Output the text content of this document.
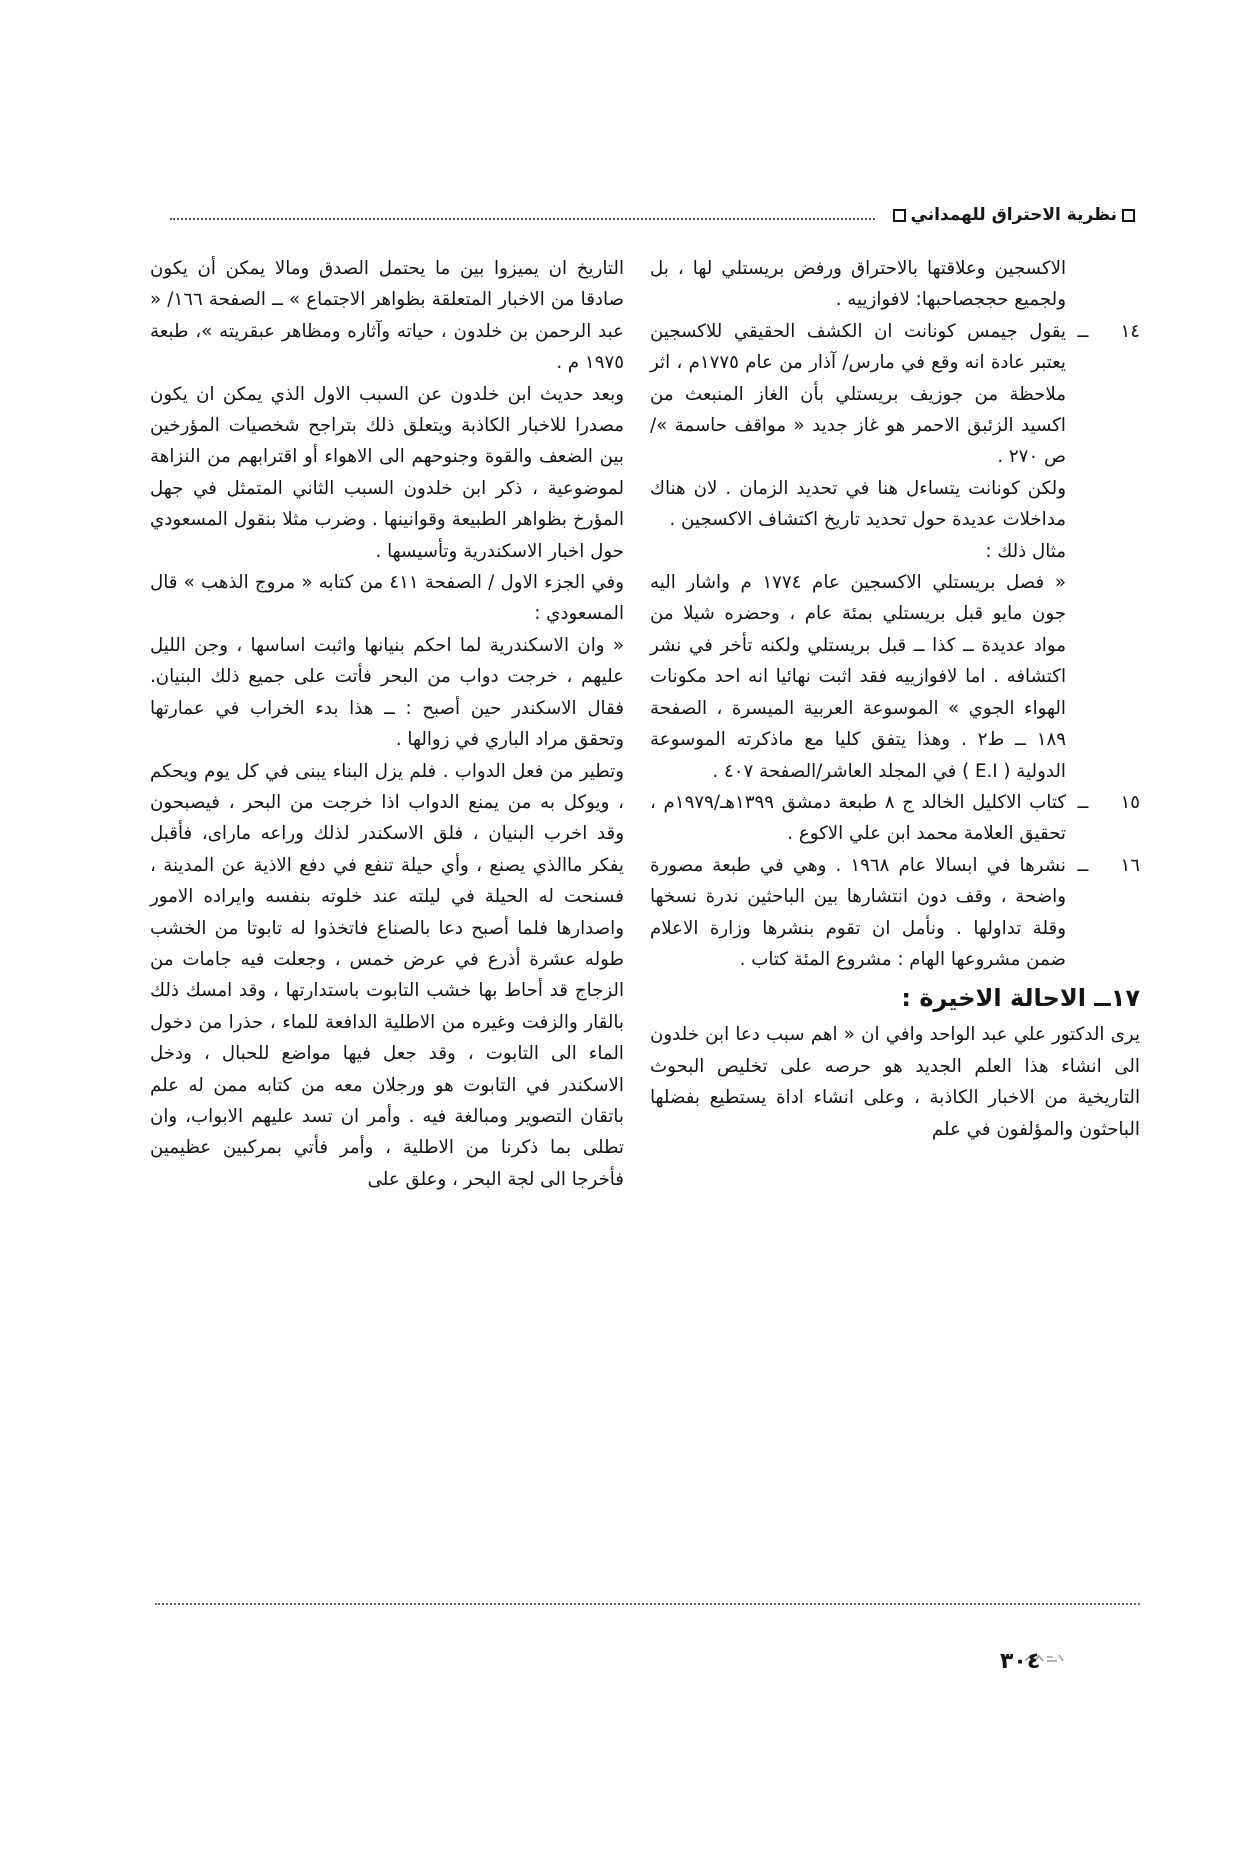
نظرية الاحتراق للهمداني

الاكسجين وعلاقتها بالاحتراق ورفض بريستلي لها ، بل ولجميع حججصاحبها: لافوازييه .

١٤
ــ

يقول جيمس كونانت ان الكشف الحقيقي للاكسجين يعتبر عادة انه وقع في مارس/ آذار من عام ١٧٧٥م ، اثر ملاحظة من جوزيف بريستلي بأن الغاز المنبعث من اكسيد الزئبق الاحمر هو غاز جديد « مواقف حاسمة »/ص ٢٧٠ .

ولكن كونانت يتساءل هنا في تحديد الزمان . لان هناك مداخلات عديدة حول تحديد تاريخ اكتشاف الاكسجين .

مثال ذلك :

« فصل بريستلي الاكسجين عام ١٧٧٤ م واشار اليه جون مايو قبل بريستلي بمئة عام ، وحضره شيلا من مواد عديدة ــ كذا ــ قبل بريستلي ولكنه تأخر في نشر اكتشافه . اما لافوازييه فقد اثبت نهائيا انه احد مكونات الهواء الجوي » الموسوعة العربية الميسرة ، الصفحة ١٨٩ ــ ط٢ . وهذا يتفق كليا مع ماذكرته الموسوعة الدولية ( E.I ) في المجلد العاشر/الصفحة ٤٠٧ .

١٥
ــ

كتاب الاكليل الخالد ج ٨ طبعة دمشق ١٣٩٩هـ/١٩٧٩م ، تحقيق العلامة محمد ابن علي الاكوع .

١٦
ــ

نشرها في ابسالا عام ١٩٦٨ . وهي في طبعة مصورة واضحة ، وقف دون انتشارها بين الباحثين ندرة نسخها وقلة تداولها . ونأمل ان تقوم بنشرها وزارة الاعلام ضمن مشروعها الهام : مشروع المئة كتاب .

١٧ــ الاحالة الاخيرة :

يرى الدكتور علي عبد الواحد وافي ان « اهم سبب دعا ابن خلدون الى انشاء هذا العلم الجديد هو حرصه على تخليص البحوث التاريخية من الاخبار الكاذبة ، وعلى انشاء اداة يستطيع بفضلها الباحثون والمؤلفون في علم

التاريخ ان يميزوا بين ما يحتمل الصدق ومالا يمكن أن يكون صادقا من الاخبار المتعلقة بظواهر الاجتماع » ــ الصفحة ١٦٦/ « عبد الرحمن بن خلدون ، حياته وآثاره ومظاهر عبقريته »، طبعة ١٩٧٥ م .

وبعد حديث ابن خلدون عن السبب الاول الذي يمكن ان يكون مصدرا للاخبار الكاذبة ويتعلق ذلك بتراجح شخصيات المؤرخين بين الضعف والقوة وجنوحهم الى الاهواء أو اقترابهم من النزاهة لموضوعية ، ذكر ابن خلدون السبب الثاني المتمثل في جهل المؤرخ بظواهر الطبيعة وقوانينها . وضرب مثلا بنقول المسعودي حول اخبار الاسكندرية وتأسيسها .

وفي الجزء الاول / الصفحة ٤١١ من كتابه « مروج الذهب » قال المسعودي :

« وان الاسكندرية لما احكم بنيانها واثبت اساسها ، وجن الليل عليهم ، خرجت دواب من البحر فأتت على جميع ذلك البنيان. فقال الاسكندر حين أصبح : ــ هذا بدء الخراب في عمارتها وتحقق مراد الباري في زوالها .

وتطير من فعل الدواب . فلم يزل البناء يبنى في كل يوم ويحكم ، ويوكل به من يمنع الدواب اذا خرجت من البحر ، فيصبحون وقد اخرب البنيان ، فلق الاسكندر لذلك وراعه ماراى، فأقبل يفكر ماالذي يصنع ، وأي حيلة تنفع في دفع الاذية عن المدينة ، فسنحت له الحيلة في ليلته عند خلوته بنفسه وايراده الامور واصدارها فلما أصبح دعا بالصناع فاتخذوا له تابوتا من الخشب طوله عشرة أذرع في عرض خمس ، وجعلت فيه جامات من الزجاج قد أحاط بها خشب التابوت باستدارتها ، وقد امسك ذلك بالقار والزفت وغيره من الاطلية الدافعة للماء ، حذرا من دخول الماء الى التابوت ، وقد جعل فيها مواضع للحبال ، ودخل الاسكندر في التابوت هو ورجلان معه من كتابه ممن له علم باتقان التصوير ومبالغة فيه . وأمر ان تسد عليهم الابواب، وان تطلى بما ذكرنا من الاطلية ، وأمر فأتي بمركبين عظيمين فأخرجا الى لجة البحر ، وعلق على

٣٠٤
